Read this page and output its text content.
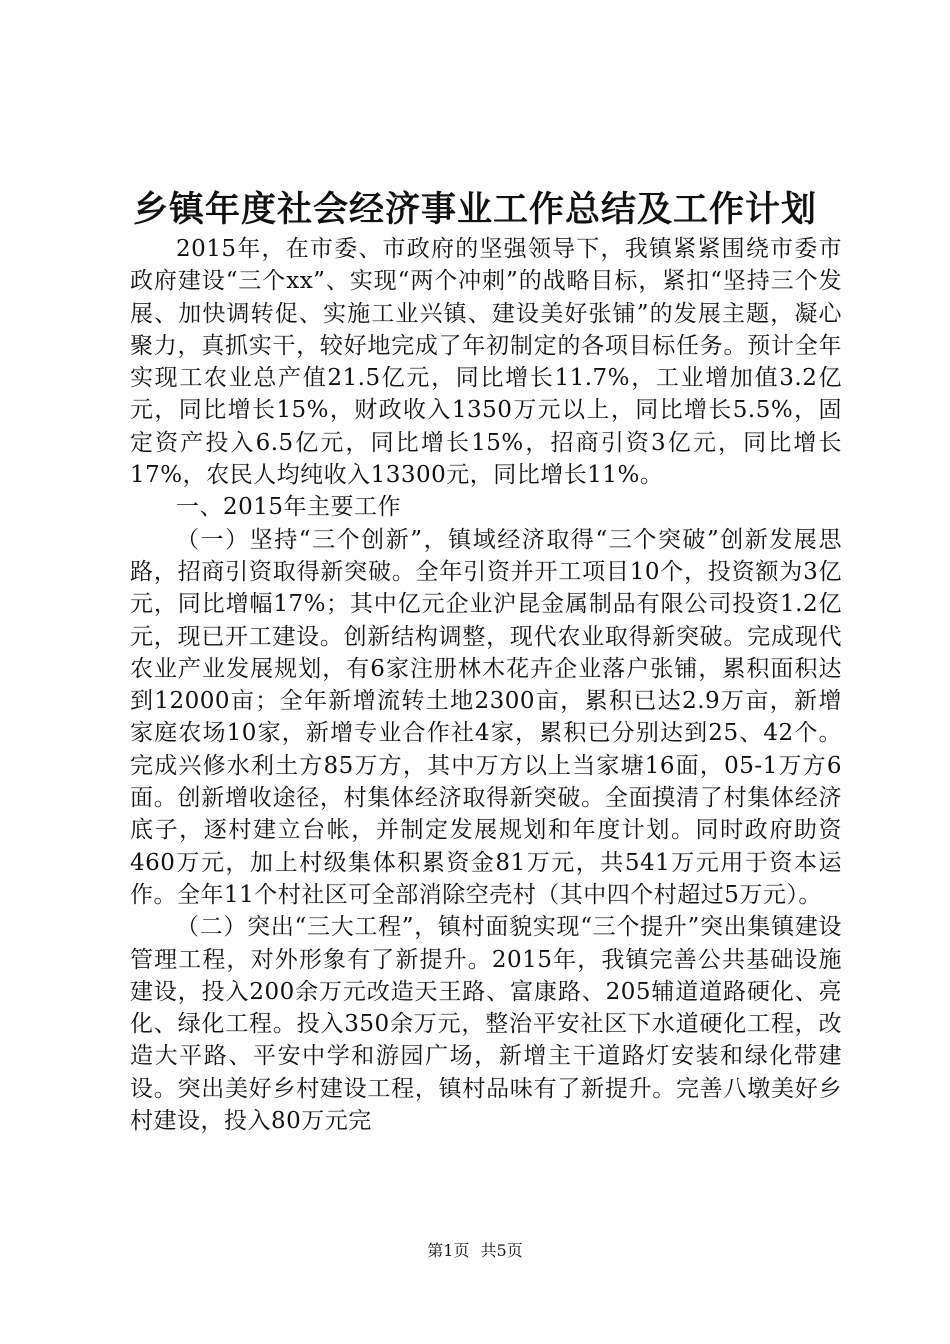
乡镇年度社会经济事业工作总结及工作计划

2015年，在市委、市政府的坚强领导下，我镇紧紧围绕市委市政府建设“三个xx”、实现“两个冲刺”的战略目标，紧扣“坚持三个发展、加快调转促、实施工业兴镇、建设美好张铺”的发展主题，凝心聚力，真抓实干，较好地完成了年初制定的各项目标任务。预计全年实现工农业总产值21.5亿元，同比增长11.7%，工业增加值3.2亿元，同比增长15%，财政收入1350万元以上，同比增长5.5%，固定资产投入6.5亿元，同比增长15%，招商引资3亿元，同比增长17%，农民人均纯收入13300元，同比增长11%。

一、2015年主要工作

（一）坚持“三个创新”，镇域经济取得“三个突破”创新发展思路，招商引资取得新突破。全年引资并开工项目10个，投资额为3亿元，同比增幅17%；其中亿元企业沪昆金属制品有限公司投资1.2亿元，现已开工建设。创新结构调整，现代农业取得新突破。完成现代农业产业发展规划，有6家注册林木花卉企业落户张铺，累积面积达到12000亩；全年新增流转土地2300亩，累积已达2.9万亩，新增家庭农场10家，新增专业合作社4家，累积已分别达到25、42个。完成兴修水利土方85万方，其中万方以上当家塘16面，05-1万方6面。创新增收途径，村集体经济取得新突破。全面摸清了村集体经济底子，逐村建立台帐，并制定发展规划和年度计划。同时政府助资460万元，加上村级集体积累资金81万元，共541万元用于资本运作。全年11个村社区可全部消除空壳村（其中四个村超过5万元）。

（二）突出“三大工程”，镇村面貌实现“三个提升”突出集镇建设管理工程，对外形象有了新提升。2015年，我镇完善公共基础设施建设，投入200余万元改造天王路、富康路、205辅道道路硬化、亮化、绿化工程。投入350余万元，整治平安社区下水道硬化工程，改造大平路、平安中学和游园广场，新增主干道路灯安装和绿化带建设。突出美好乡村建设工程，镇村品味有了新提升。完善八墩美好乡村建设，投入80万元完

第1页 共5页
